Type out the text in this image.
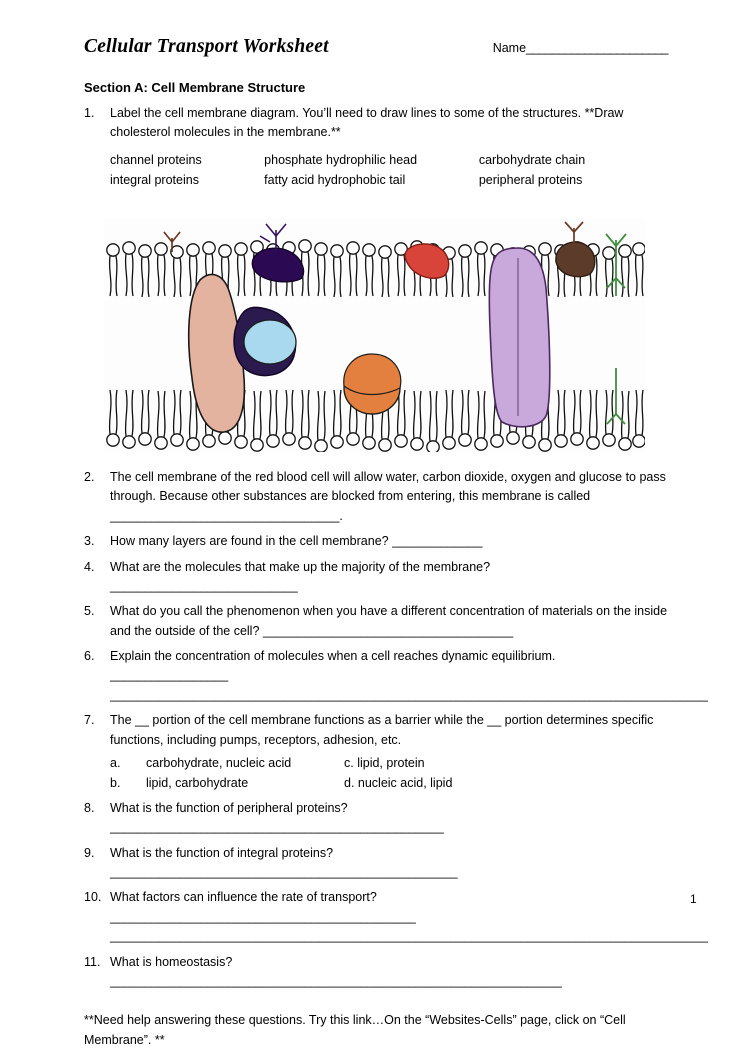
Cellular Transport Worksheet	Name______________________
Section A: Cell Membrane Structure
1.	Label the cell membrane diagram. You’ll need to draw lines to some of the structures. **Draw cholesterol molecules in the membrane.**
channel proteins	phosphate hydrophilic head	carbohydrate chain
integral proteins	fatty acid hydrophobic tail	peripheral proteins
2.	The cell membrane of the red blood cell will allow water, carbon dioxide, oxygen and glucose to pass through. Because other substances are blocked from entering, this membrane is called _________________________________.
3.	How many layers are found in the cell membrane? _____________
4.	What are the molecules that make up the majority of the membrane? ___________________________
5.	What do you call the phenomenon when you have a different concentration of materials on the inside and the outside of the cell? ____________________________________
6.	Explain the concentration of molecules when a cell reaches dynamic equilibrium. _________________ ______________________________________________________________________________________
7.	The __ portion of the cell membrane functions as a barrier while the __ portion determines specific functions, including pumps, receptors, adhesion, etc.
a.	carbohydrate, nucleic acid	c. lipid, protein
b.	lipid, carbohydrate	d. nucleic acid, lipid
8.	What is the function of peripheral proteins? ________________________________________________
9.	What is the function of integral proteins? __________________________________________________
10. What factors can influence the rate of transport? ____________________________________________ ______________________________________________________________________________________
11. What is homeostasis? _________________________________________________________________
**Need help answering these questions. Try this link…On the “Websites-Cells” page, click on “Cell Membrane”. **
1
